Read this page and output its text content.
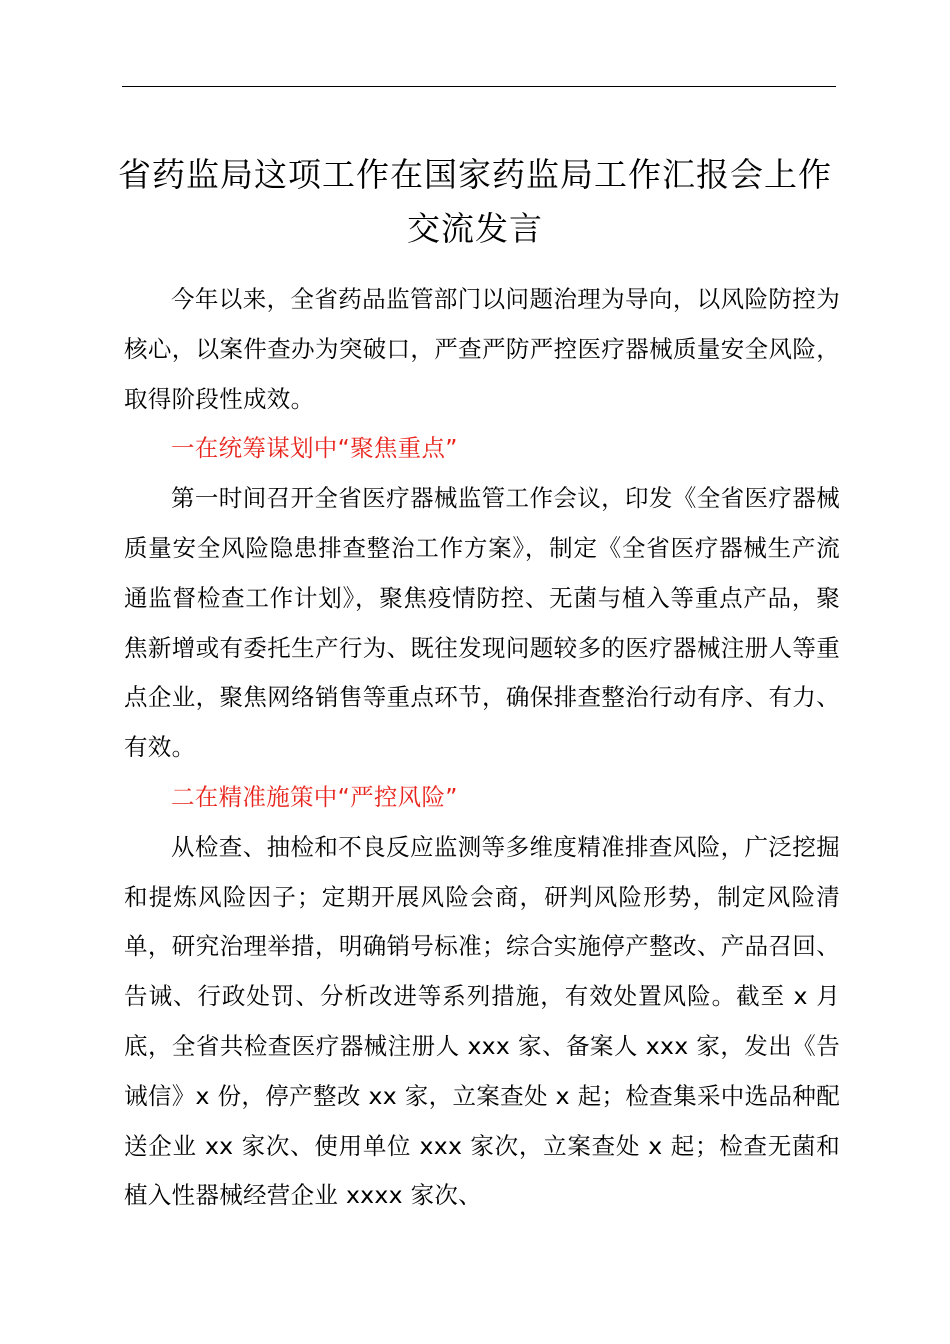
省药监局这项工作在国家药监局工作汇报会上作交流发言

今年以来，全省药品监管部门以问题治理为导向，以风险防控为核心，以案件查办为突破口，严查严防严控医疗器械质量安全风险，取得阶段性成效。

一在统筹谋划中“聚焦重点”

第一时间召开全省医疗器械监管工作会议，印发《全省医疗器械质量安全风险隐患排查整治工作方案》，制定《全省医疗器械生产流通监督检查工作计划》，聚焦疫情防控、无菌与植入等重点产品，聚焦新增或有委托生产行为、既往发现问题较多的医疗器械注册人等重点企业，聚焦网络销售等重点环节，确保排查整治行动有序、有力、有效。

二在精准施策中“严控风险”

从检查、抽检和不良反应监测等多维度精准排查风险，广泛挖掘和提炼风险因子；定期开展风险会商，研判风险形势，制定风险清单，研究治理举措，明确销号标准；综合实施停产整改、产品召回、告诫、行政处罚、分析改进等系列措施，有效处置风险。截至 x 月底，全省共检查医疗器械注册人 xxx 家、备案人 xxx 家，发出《告诫信》x 份，停产整改 xx 家，立案查处 x 起；检查集采中选品种配送企业 xx 家次、使用单位 xxx 家次，立案查处 x 起；检查无菌和植入性器械经营企业 xxxx 家次、
